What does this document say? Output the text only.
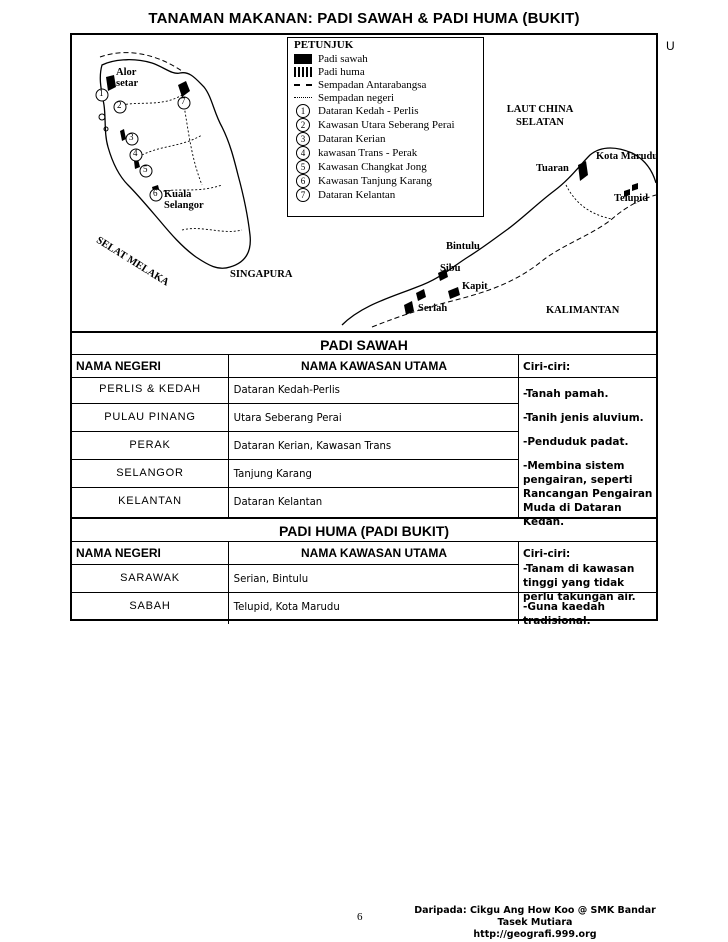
TANAMAN MAKANAN: PADI SAWAH & PADI HUMA (BUKIT)
1
2
3
4
5
6
7
Alor setar
Kuala Selangor
SELAT MELAKA	SINGAPURA
LAUT CHINA SELATAN
Tuaran
Kota Marudu
Telupid
Bintulu
Sibu
Kapit
Seriah	KALIMANTAN
U
PETUNJUK
Padi sawah
Padi huma
Sempadan Antarabangsa
Sempadan negeri
1	Dataran Kedah - Perlis
2	Kawasan Utara Seberang Perai
3	Dataran Kerian
4	kawasan Trans - Perak
5	Kawasan Changkat Jong
6	Kawasan Tanjung Karang
7	Dataran Kelantan
PADI SAWAH
NAMA NEGERI	NAMA KAWASAN UTAMA	Ciri-ciri:
PERLIS & KEDAH	Dataran Kedah-Perlis
PULAU PINANG	Utara Seberang Perai
PERAK	Dataran Kerian, Kawasan Trans
SELANGOR	Tanjung Karang
KELANTAN	Dataran Kelantan
-Tanah pamah.
-Tanih jenis aluvium.
-Penduduk padat.
-Membina sistem pengairan, seperti Rancangan Pengairan Muda di Dataran Kedah.
PADI HUMA (PADI BUKIT)
NAMA NEGERI	NAMA KAWASAN UTAMA	Ciri-ciri:
SARAWAK	Serian, Bintulu
SABAH	Telupid, Kota Marudu
-Tanam di kawasan tinggi yang tidak perlu takungan air.
-Guna kaedah tradisional.
6
Daripada: Cikgu Ang How Koo @ SMK Bandar Tasek Mutiara
http://geografi.999.org
